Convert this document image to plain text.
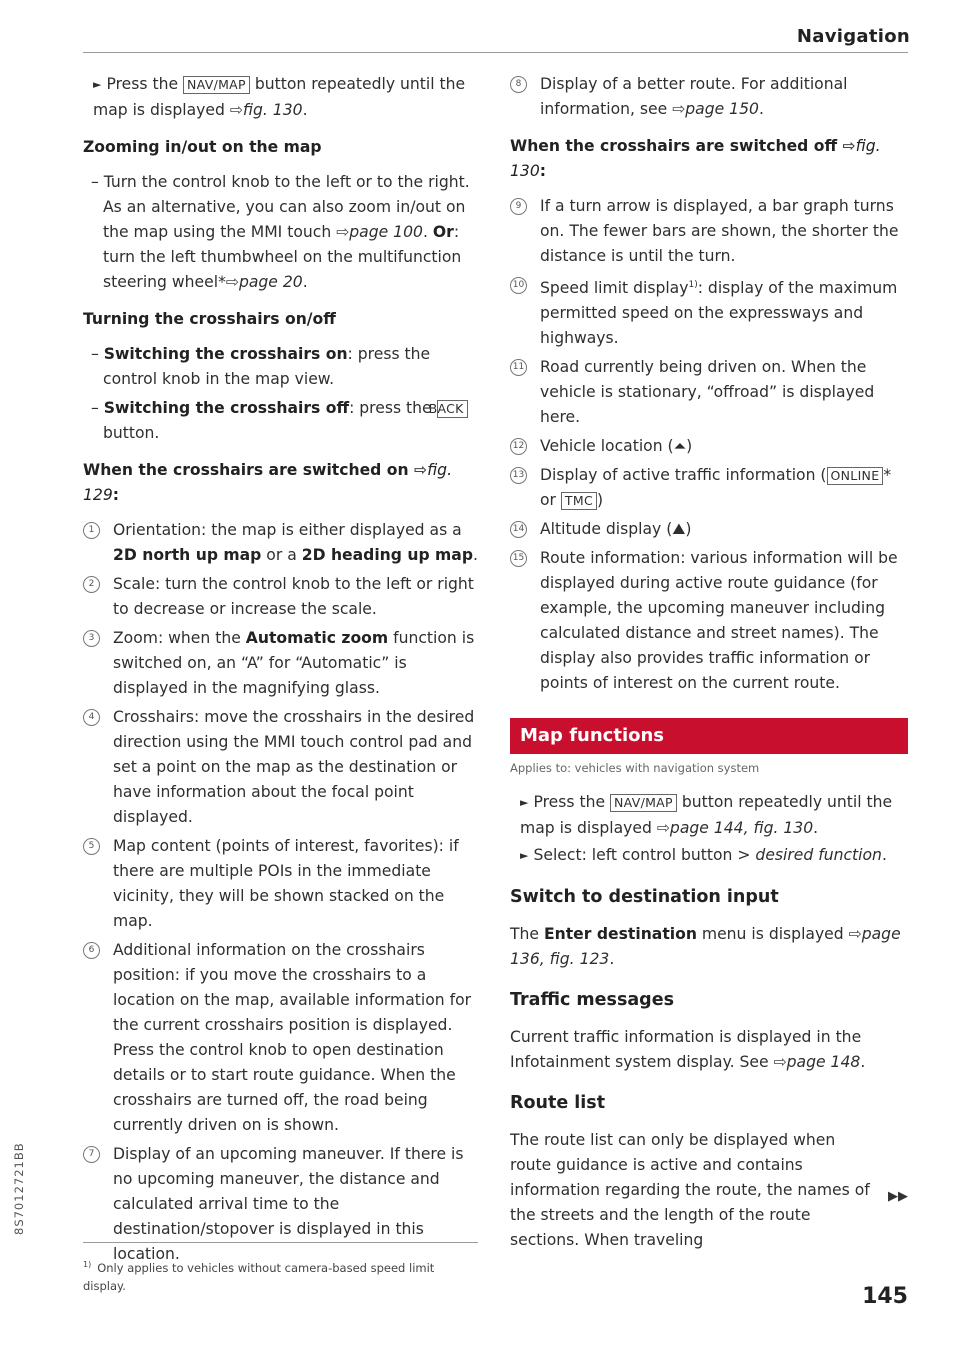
Navigation

► Press the NAV/MAP button repeatedly until the map is displayed ⇨fig. 130.

Zooming in/out on the map

– Turn the control knob to the left or to the right. As an alternative, you can also zoom in/out on the map using the MMI touch ⇨page 100. Or: turn the left thumbwheel on the multifunction steering wheel*⇨page 20.

Turning the crosshairs on/off

– Switching the crosshairs on: press the control knob in the map view.

– Switching the crosshairs off: press the BACK button.

When the crosshairs are switched on ⇨fig. 129:
1	Orientation: the map is either displayed as a 2D north up map or a 2D heading up map.
2	Scale: turn the control knob to the left or right to decrease or increase the scale.
3	Zoom: when the Automatic zoom function is switched on, an “A” for “Automatic” is displayed in the magnifying glass.
4	Crosshairs: move the crosshairs in the desired direction using the MMI touch control pad and set a point on the map as the destination or have information about the focal point displayed.
5	Map content (points of interest, favorites): if there are multiple POIs in the immediate vicinity, they will be shown stacked on the map.
6	Additional information on the crosshairs position: if you move the crosshairs to a location on the map, available information for the current crosshairs position is displayed. Press the control knob to open destination details or to start route guidance. When the crosshairs are turned off, the road being currently driven on is shown.
7	Display of an upcoming maneuver. If there is no upcoming maneuver, the distance and calculated arrival time to the destination/stopover is displayed in this location.
$^{1)}$ Only applies to vehicles without camera-based speed limit display.
8	Display of a better route. For additional information, see ⇨page 150.
When the crosshairs are switched off ⇨fig. 130:
9	If a turn arrow is displayed, a bar graph turns on. The fewer bars are shown, the shorter the distance is until the turn.
10 Speed limit display$^{1)}$: display of the maximum permitted speed on the expressways and highways.
11 Road currently being driven on. When the vehicle is stationary, “offroad” is displayed here.
12 Vehicle location (⏶)
13 Display of active traffic information ( ONLINE * or TMC )
14 Altitude display (⛰)
15 Route information: various information will be displayed during active route guidance (for example, the upcoming maneuver including calculated distance and street names). The display also provides traffic information or points of interest on the current route.
Map functions
Applies to: vehicles with navigation system

► Press the NAV/MAP button repeatedly until the map is displayed ⇨page 144, fig. 130.

► Select: left control button > desired function.

Switch to destination input

The Enter destination menu is displayed ⇨page 136, fig. 123.

Traffic messages

Current traffic information is displayed in the Infotainment system display. See ⇨page 148.

Route list

The route list can only be displayed when route guidance is active and contains information regarding the route, the names of the streets and the length of the route sections. When traveling

▶▶
8S7012721BB
145
